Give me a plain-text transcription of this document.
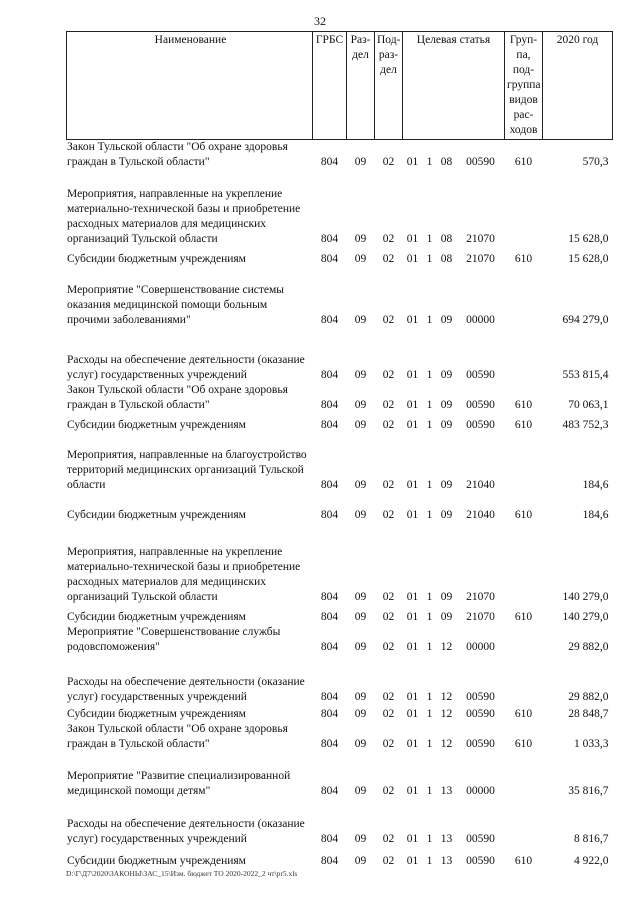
32
Наименование	ГРБС	Раз-дел	Под-раз-дел	Целевая статья				Груп-па, под-группа видов рас-ходов	2020 год
Закон Тульской области "Об охране здоровья граждан в Тульской области"	804	09	02	01	1	08	00590	610	570,3
Мероприятия, направленные на укрепление материально-технической базы и приобретение расходных материалов для медицинских организаций Тульской области	804	09	02	01	1	08	21070		15 628,0
Субсидии бюджетным учреждениям	804	09	02	01	1	08	21070	610	15 628,0
Мероприятие "Совершенствование системы оказания медицинской помощи больным прочими заболеваниями"	804	09	02	01	1	09	00000		694 279,0
Расходы на обеспечение деятельности (оказание услуг) государственных учреждений	804	09	02	01	1	09	00590		553 815,4
Закон Тульской области "Об охране здоровья граждан в Тульской области"	804	09	02	01	1	09	00590	610	70 063,1
Субсидии бюджетным учреждениям	804	09	02	01	1	09	00590	610	483 752,3
Мероприятия, направленные на благоустройство территорий медицинских организаций Тульской области	804	09	02	01	1	09	21040		184,6
Субсидии бюджетным учреждениям	804	09	02	01	1	09	21040	610	184,6
Мероприятия, направленные на укрепление материально-технической базы и приобретение расходных материалов для медицинских организаций Тульской области	804	09	02	01	1	09	21070		140 279,0
Субсидии бюджетным учреждениям	804	09	02	01	1	09	21070	610	140 279,0
Мероприятие "Совершенствование службы родовспоможения"	804	09	02	01	1	12	00000		29 882,0
Расходы на обеспечение деятельности (оказание услуг) государственных учреждений	804	09	02	01	1	12	00590		29 882,0
Субсидии бюджетным учреждениям	804	09	02	01	1	12	00590	610	28 848,7
Закон Тульской области "Об охране здоровья граждан в Тульской области"	804	09	02	01	1	12	00590	610	1 033,3
Мероприятие "Развитие специализированной медицинской помощи детям"	804	09	02	01	1	13	00000		35 816,7
Расходы на обеспечение деятельности (оказание услуг) государственных учреждений	804	09	02	01	1	13	00590		8 816,7
Субсидии бюджетным учреждениям	804	09	02	01	1	13	00590	610	4 922,0
D:\Г\Д7\2020\ЗАКОНЫ\ЗАС_15\Изм. бюджет ТО 2020-2022_2 чт\pr5.xls
